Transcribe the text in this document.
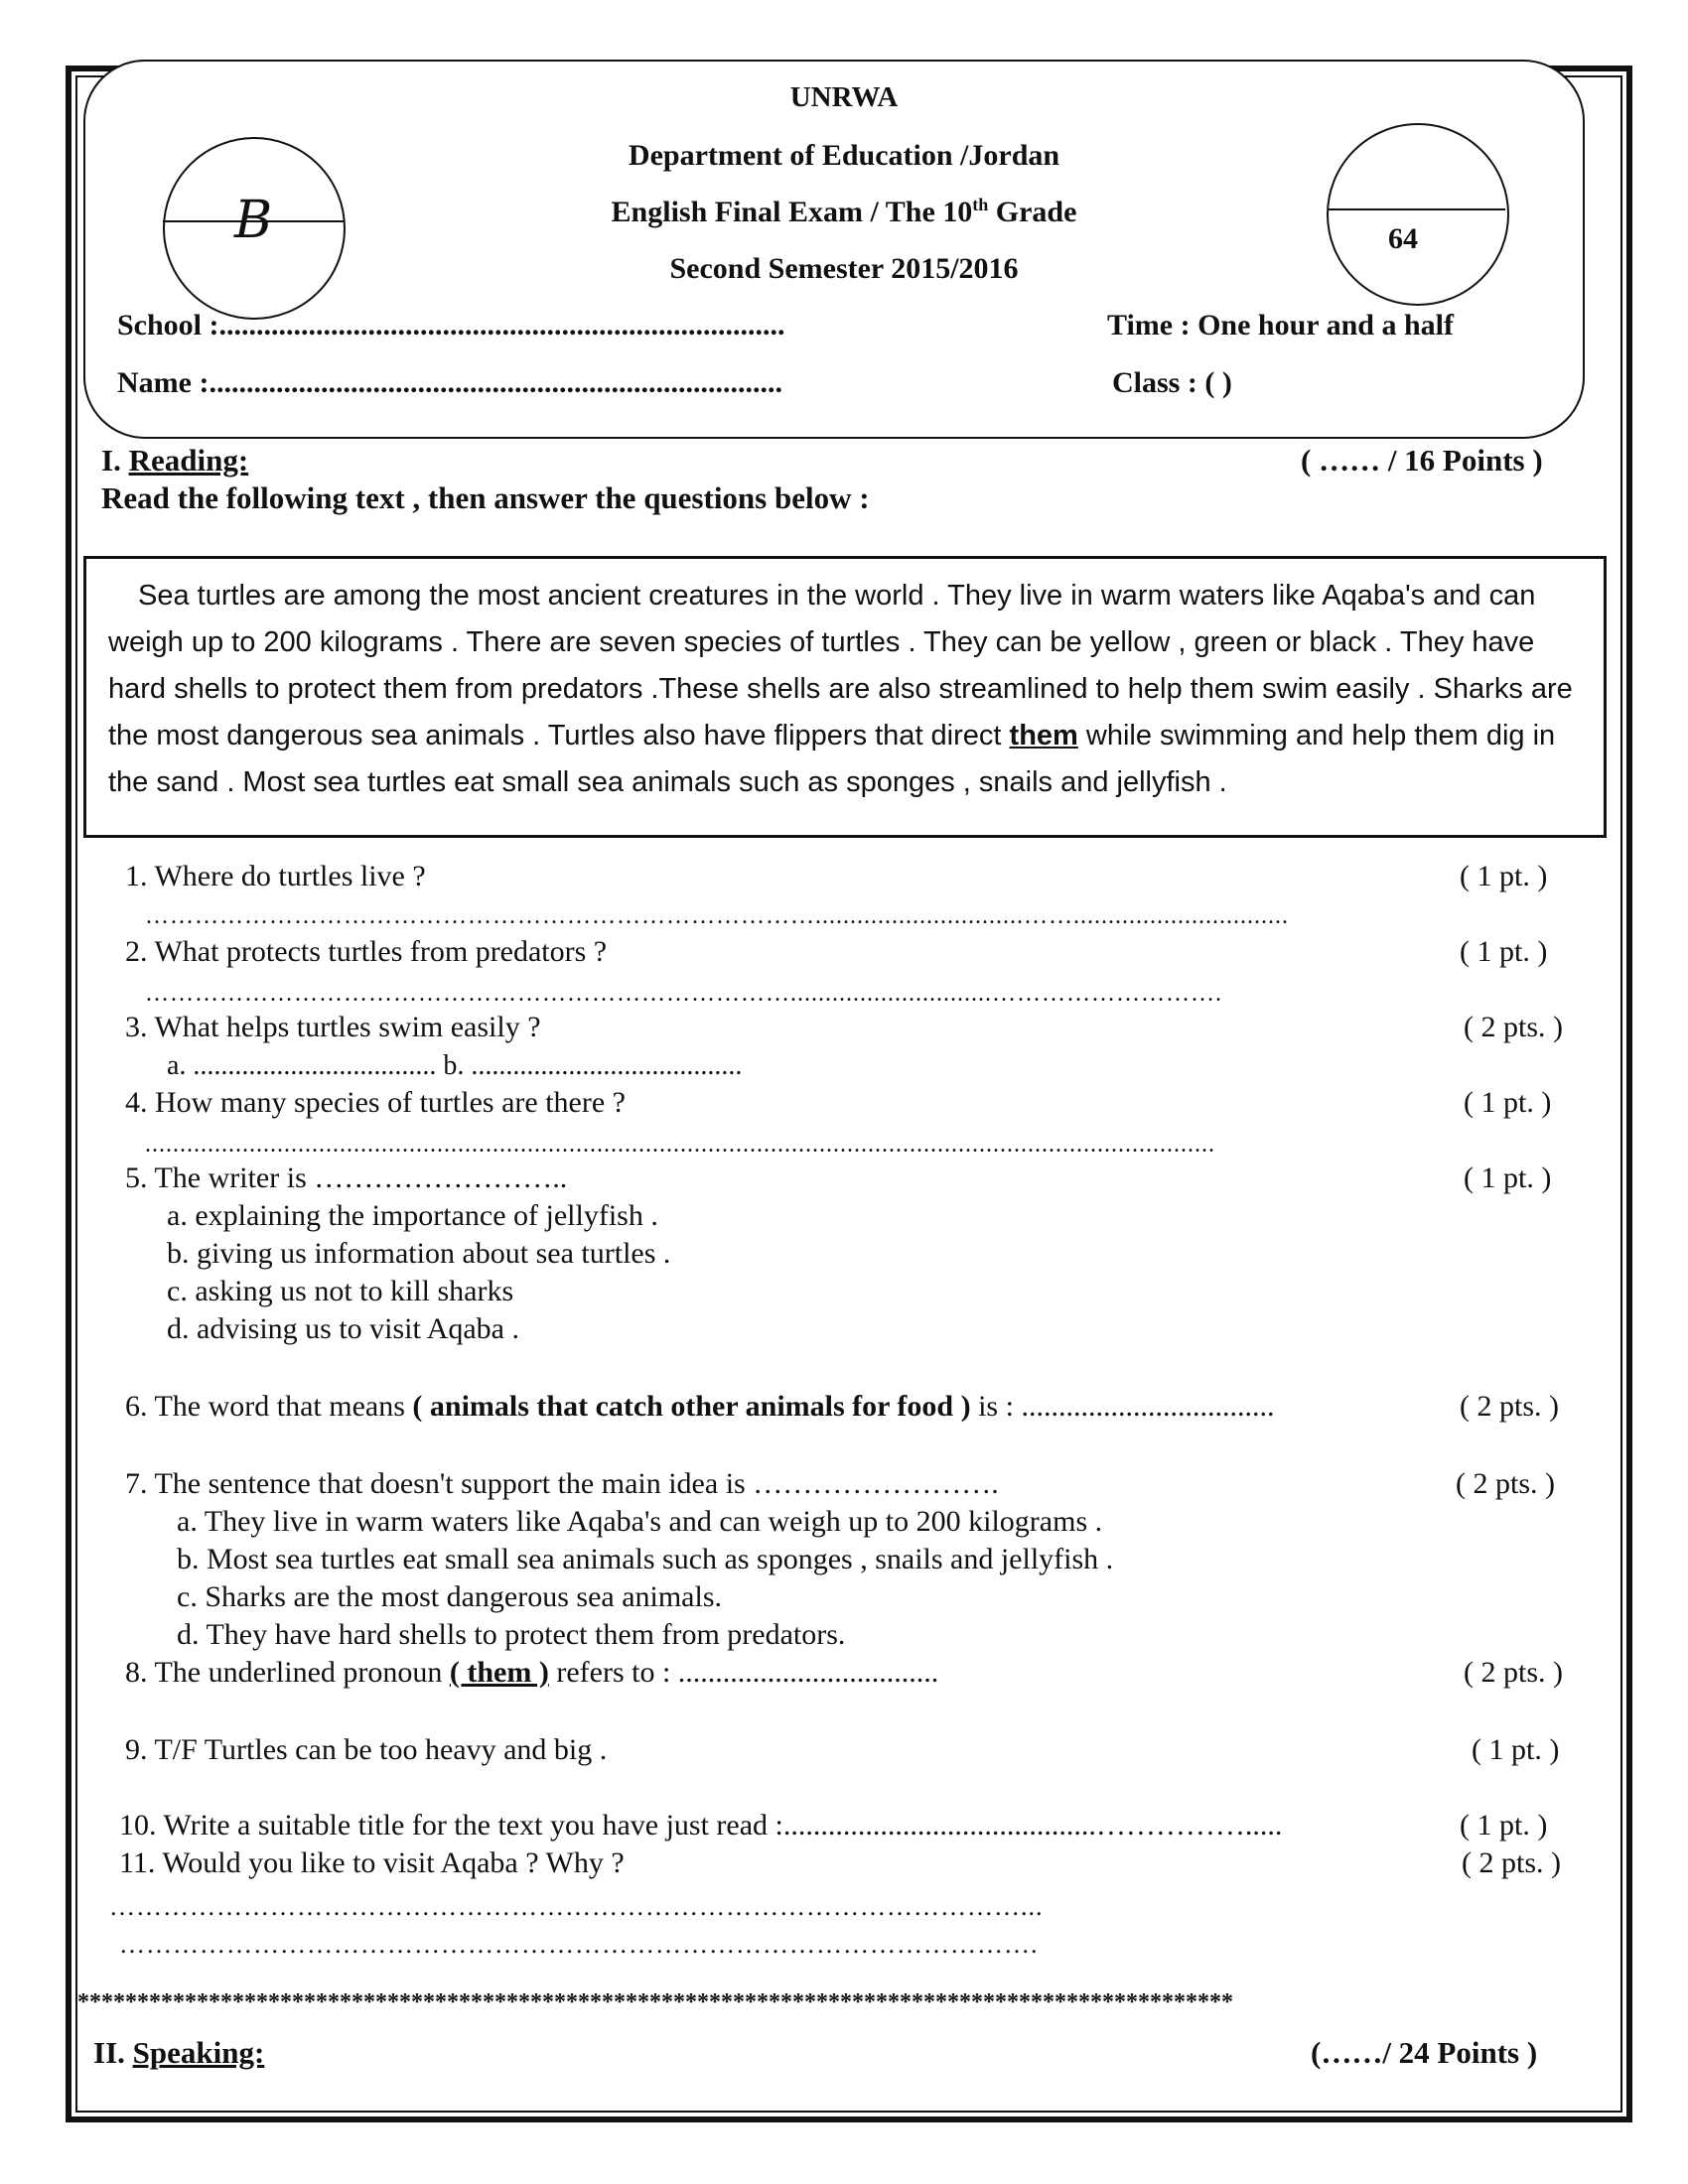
B	64
UNRWA
Department of Education /Jordan
English Final Exam / The 10th Grade
Second Semester 2015/2016
School :............................................................................	Time : One hour and a half
Name :.............................................................................	Class : ( )
I. Reading:	( …… / 16 Points )
Read the following text , then answer the questions below :
Sea turtles are among the most ancient creatures in the world . They live in warm waters like Aqaba's and can weigh up to 200 kilograms . There are seven species of turtles . They can be yellow , green or black . They have hard shells to protect them from predators .These shells are also streamlined to help them swim easily . Sharks are the most dangerous sea animals . Turtles also have flippers that direct them while swimming and help them dig in the sand . Most sea turtles eat small sea animals such as sponges , snails and jellyfish .
1. Where do turtles live ?	( 1 pt. )
………………………………………………………………………..............................……...............................
2. What protects turtles from predators ?	( 1 pt. )
…………………………………………………………………….............................……………………….
3. What helps turtles swim easily ?	( 2 pts. )
a. ................................... b. .......................................
4. How many species of turtles are there ?	( 1 pt. )
..........................................................................................................................................................
5. The writer is ……………………..	( 1 pt. )
a. explaining the importance of jellyfish .
b. giving us information about sea turtles .
c. asking us not to kill sharks
d. advising us to visit Aqaba .
6. The word that means ( animals that catch other animals for food ) is : ..................................	( 2 pts. )
7. The sentence that doesn't support the main idea is …………………….	( 2 pts. )
a. They live in warm waters like Aqaba's and can weigh up to 200 kilograms .
b. Most sea turtles eat small sea animals such as sponges , snails and jellyfish .
c. Sharks are the most dangerous sea animals.
d. They have hard shells to protect them from predators.
8. The underlined pronoun ( them ) refers to : ...................................	( 2 pts. )
9. T/F Turtles can be too heavy and big .	( 1 pt. )
10. Write a suitable title for the text you have just read :..........................................…………….....	( 1 pt. )
11. Would you like to visit Aqaba ? Why ?	( 2 pts. )
…………………………………………………………………………………………...
………………………………………………………………………………………….
*************************************************************************************************
II. Speaking:	(……/ 24 Points )
